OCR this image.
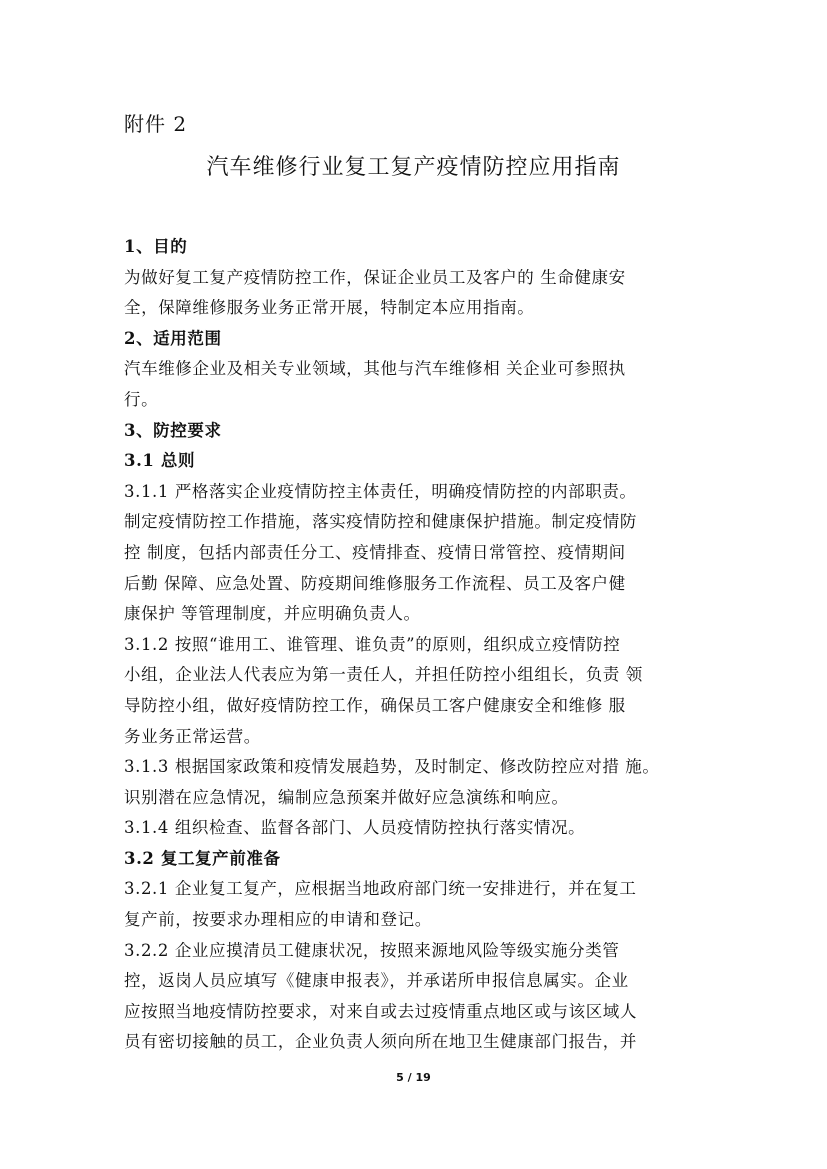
附件 2
汽车维修行业复工复产疫情防控应用指南

1、目的

为做好复工复产疫情防控工作，保证企业员工及客户的 生命健康安
全，保障维修服务业务正常开展，特制定本应用指南。

2、适用范围

汽车维修企业及相关专业领域，其他与汽车维修相 关企业可参照执
行。

3、防控要求

3.1 总则

3.1.1 严格落实企业疫情防控主体责任，明确疫情防控的内部职责。
制定疫情防控工作措施，落实疫情防控和健康保护措施。制定疫情防
控 制度，包括内部责任分工、疫情排查、疫情日常管控、疫情期间
后勤 保障、应急处置、防疫期间维修服务工作流程、员工及客户健
康保护 等管理制度，并应明确负责人。

3.1.2 按照“谁用工、谁管理、谁负责”的原则，组织成立疫情防控
小组，企业法人代表应为第一责任人，并担任防控小组组长，负责 领
导防控小组，做好疫情防控工作，确保员工客户健康安全和维修 服
务业务正常运营。

3.1.3 根据国家政策和疫情发展趋势，及时制定、修改防控应对措 施。
识别潜在应急情况，编制应急预案并做好应急演练和响应。

3.1.4 组织检查、监督各部门、人员疫情防控执行落实情况。

3.2 复工复产前准备

3.2.1 企业复工复产，应根据当地政府部门统一安排进行，并在复工
复产前，按要求办理相应的申请和登记。

3.2.2 企业应摸清员工健康状况，按照来源地风险等级实施分类管
控，返岗人员应填写《健康申报表》，并承诺所申报信息属实。企业
应按照当地疫情防控要求，对来自或去过疫情重点地区或与该区域人
员有密切接触的员工，企业负责人须向所在地卫生健康部门报告，并

5 / 19
